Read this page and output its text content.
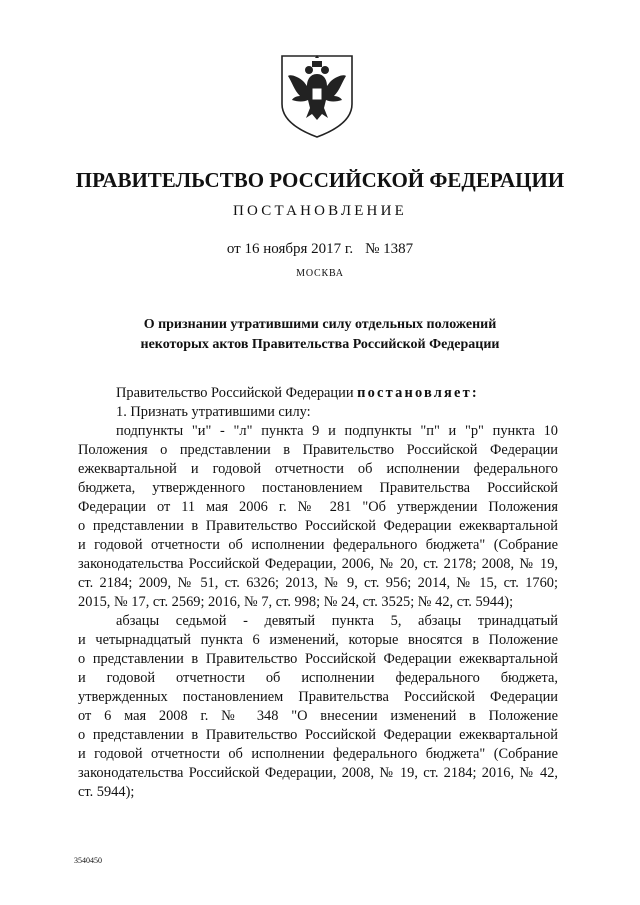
ПРАВИТЕЛЬСТВО РОССИЙСКОЙ ФЕДЕРАЦИИ
ПОСТАНОВЛЕНИЕ
от 16 ноября 2017 г. № 1387
МОСКВА
О признании утратившими силу отдельных положений
некоторых актов Правительства Российской Федерации
Правительство Российской Федерации постановляет:
1. Признать утратившими силу:
подпункты "и" - "л" пункта 9 и подпункты "п" и "р" пункта 10
Положения о представлении в Правительство Российской Федерации
ежеквартальной и годовой отчетности об исполнении федерального
бюджета, утвержденного постановлением Правительства Российской
Федерации от 11 мая 2006 г. № 281 "Об утверждении Положения
о представлении в Правительство Российской Федерации ежеквартальной
и годовой отчетности об исполнении федерального бюджета" (Собрание
законодательства Российской Федерации, 2006, № 20, ст. 2178; 2008, № 19,
ст. 2184; 2009, № 51, ст. 6326; 2013, № 9, ст. 956; 2014, № 15, ст. 1760;
2015, № 17, ст. 2569; 2016, № 7, ст. 998; № 24, ст. 3525; № 42, ст. 5944);
абзацы седьмой - девятый пункта 5, абзацы тринадцатый
и четырнадцатый пункта 6 изменений, которые вносятся в Положение
о представлении в Правительство Российской Федерации ежеквартальной
и годовой отчетности об исполнении федерального бюджета,
утвержденных постановлением Правительства Российской Федерации
от 6 мая 2008 г. № 348 "О внесении изменений в Положение
о представлении в Правительство Российской Федерации ежеквартальной
и годовой отчетности об исполнении федерального бюджета" (Собрание
законодательства Российской Федерации, 2008, № 19, ст. 2184; 2016, № 42,
ст. 5944);
3540450
